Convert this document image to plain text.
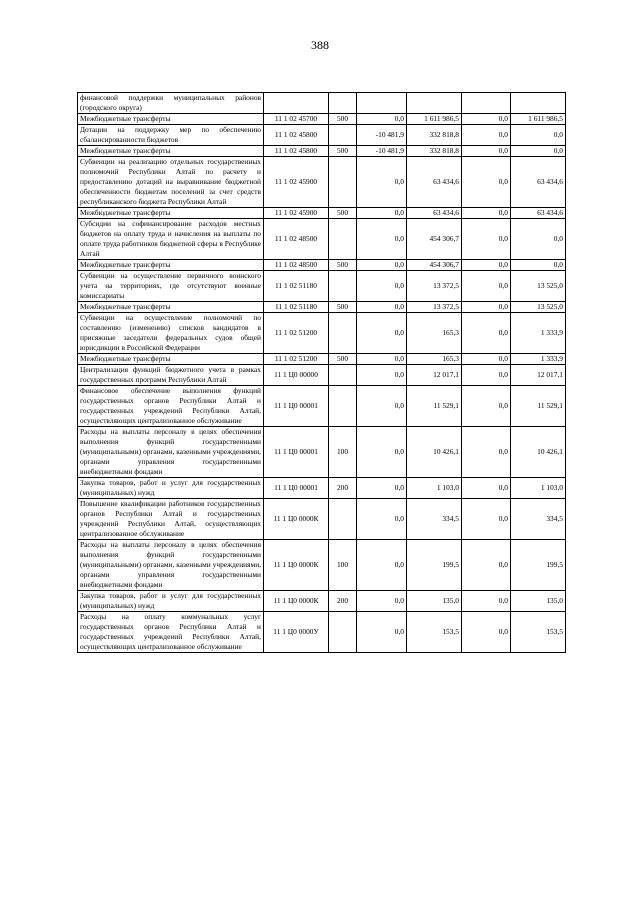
388
финансовой поддержки муниципальных районов (городского округа)						
Межбюджетные трансферты	11 1 02 45700	500	0,0	1 611 986,5	0,0	1 611 986,5
Дотации на поддержку мер по обеспечению сбалансированности бюджетов	11 1 02 45800		-10 481,9	332 818,8	0,0	0,0
Межбюджетные трансферты	11 1 02 45800	500	-10 481,9	332 818,8	0,0	0,0
Субвенции на реализацию отдельных государственных полномочий Республики Алтай по расчету и предоставлению дотаций на выравнивание бюджетной обеспеченности бюджетам поселений за счет средств республиканского бюджета Республики Алтай	11 1 02 45900		0,0	63 434,6	0,0	63 434,6
Межбюджетные трансферты	11 1 02 45900	500	0,0	63 434,6	0,0	63 434,6
Субсидии на софинансирование расходов местных бюджетов на оплату труда и начисления на выплаты по оплате труда работников бюджетной сферы в Республике Алтай	11 1 02 48500		0,0	454 306,7	0,0	0,0
Межбюджетные трансферты	11 1 02 48500	500	0,0	454 306,7	0,0	0,0
Субвенции на осуществление первичного воинского учета на территориях, где отсутствуют военные комиссариаты	11 1 02 51180		0,0	13 372,5	0,0	13 525,0
Межбюджетные трансферты	11 1 02 51180	500	0,0	13 372,5	0,0	13 525,0
Субвенции на осуществление полномочий по составлению (изменению) списков кандидатов в присяжные заседатели федеральных судов общей юрисдикции в Российской Федерации	11 1 02 51200		0,0	165,3	0,0	1 333,9
Межбюджетные трансферты	11 1 02 51200	500	0,0	165,3	0,0	1 333,9
Централизация функций бюджетного учета в рамках государственных программ Республики Алтай	11 1 Ц0 00000		0,0	12 017,1	0,0	12 017,1
Финансовое обеспечение выполнения функций государственных органов Республики Алтай и государственных учреждений Республики Алтай, осуществляющих централизованное обслуживание	11 1 Ц0 00001		0,0	11 529,1	0,0	11 529,1
Расходы на выплаты персоналу в целях обеспечения выполнения функций государственными (муниципальными) органами, казенными учреждениями, органами управления государственными внебюджетными фондами	11 1 Ц0 00001	100	0,0	10 426,1	0,0	10 426,1
Закупка товаров, работ и услуг для государственных (муниципальных) нужд	11 1 Ц0 00001	200	0,0	1 103,0	0,0	1 103,0
Повышение квалификации работников государственных органов Республики Алтай и государственных учреждений Республики Алтай, осуществляющих централизованное обслуживание	11 1 Ц0 0000К		0,0	334,5	0,0	334,5
Расходы на выплаты персоналу в целях обеспечения выполнения функций государственными (муниципальными) органами, казенными учреждениями, органами управления государственными внебюджетными фондами	11 1 Ц0 0000К	100	0,0	199,5	0,0	199,5
Закупка товаров, работ и услуг для государственных (муниципальных) нужд	11 1 Ц0 0000К	200	0,0	135,0	0,0	135,0
Расходы на оплату коммунальных услуг государственных органов Республики Алтай и государственных учреждений Республики Алтай, осуществляющих централизованное обслуживание	11 1 Ц0 0000У		0,0	153,5	0,0	153,5
